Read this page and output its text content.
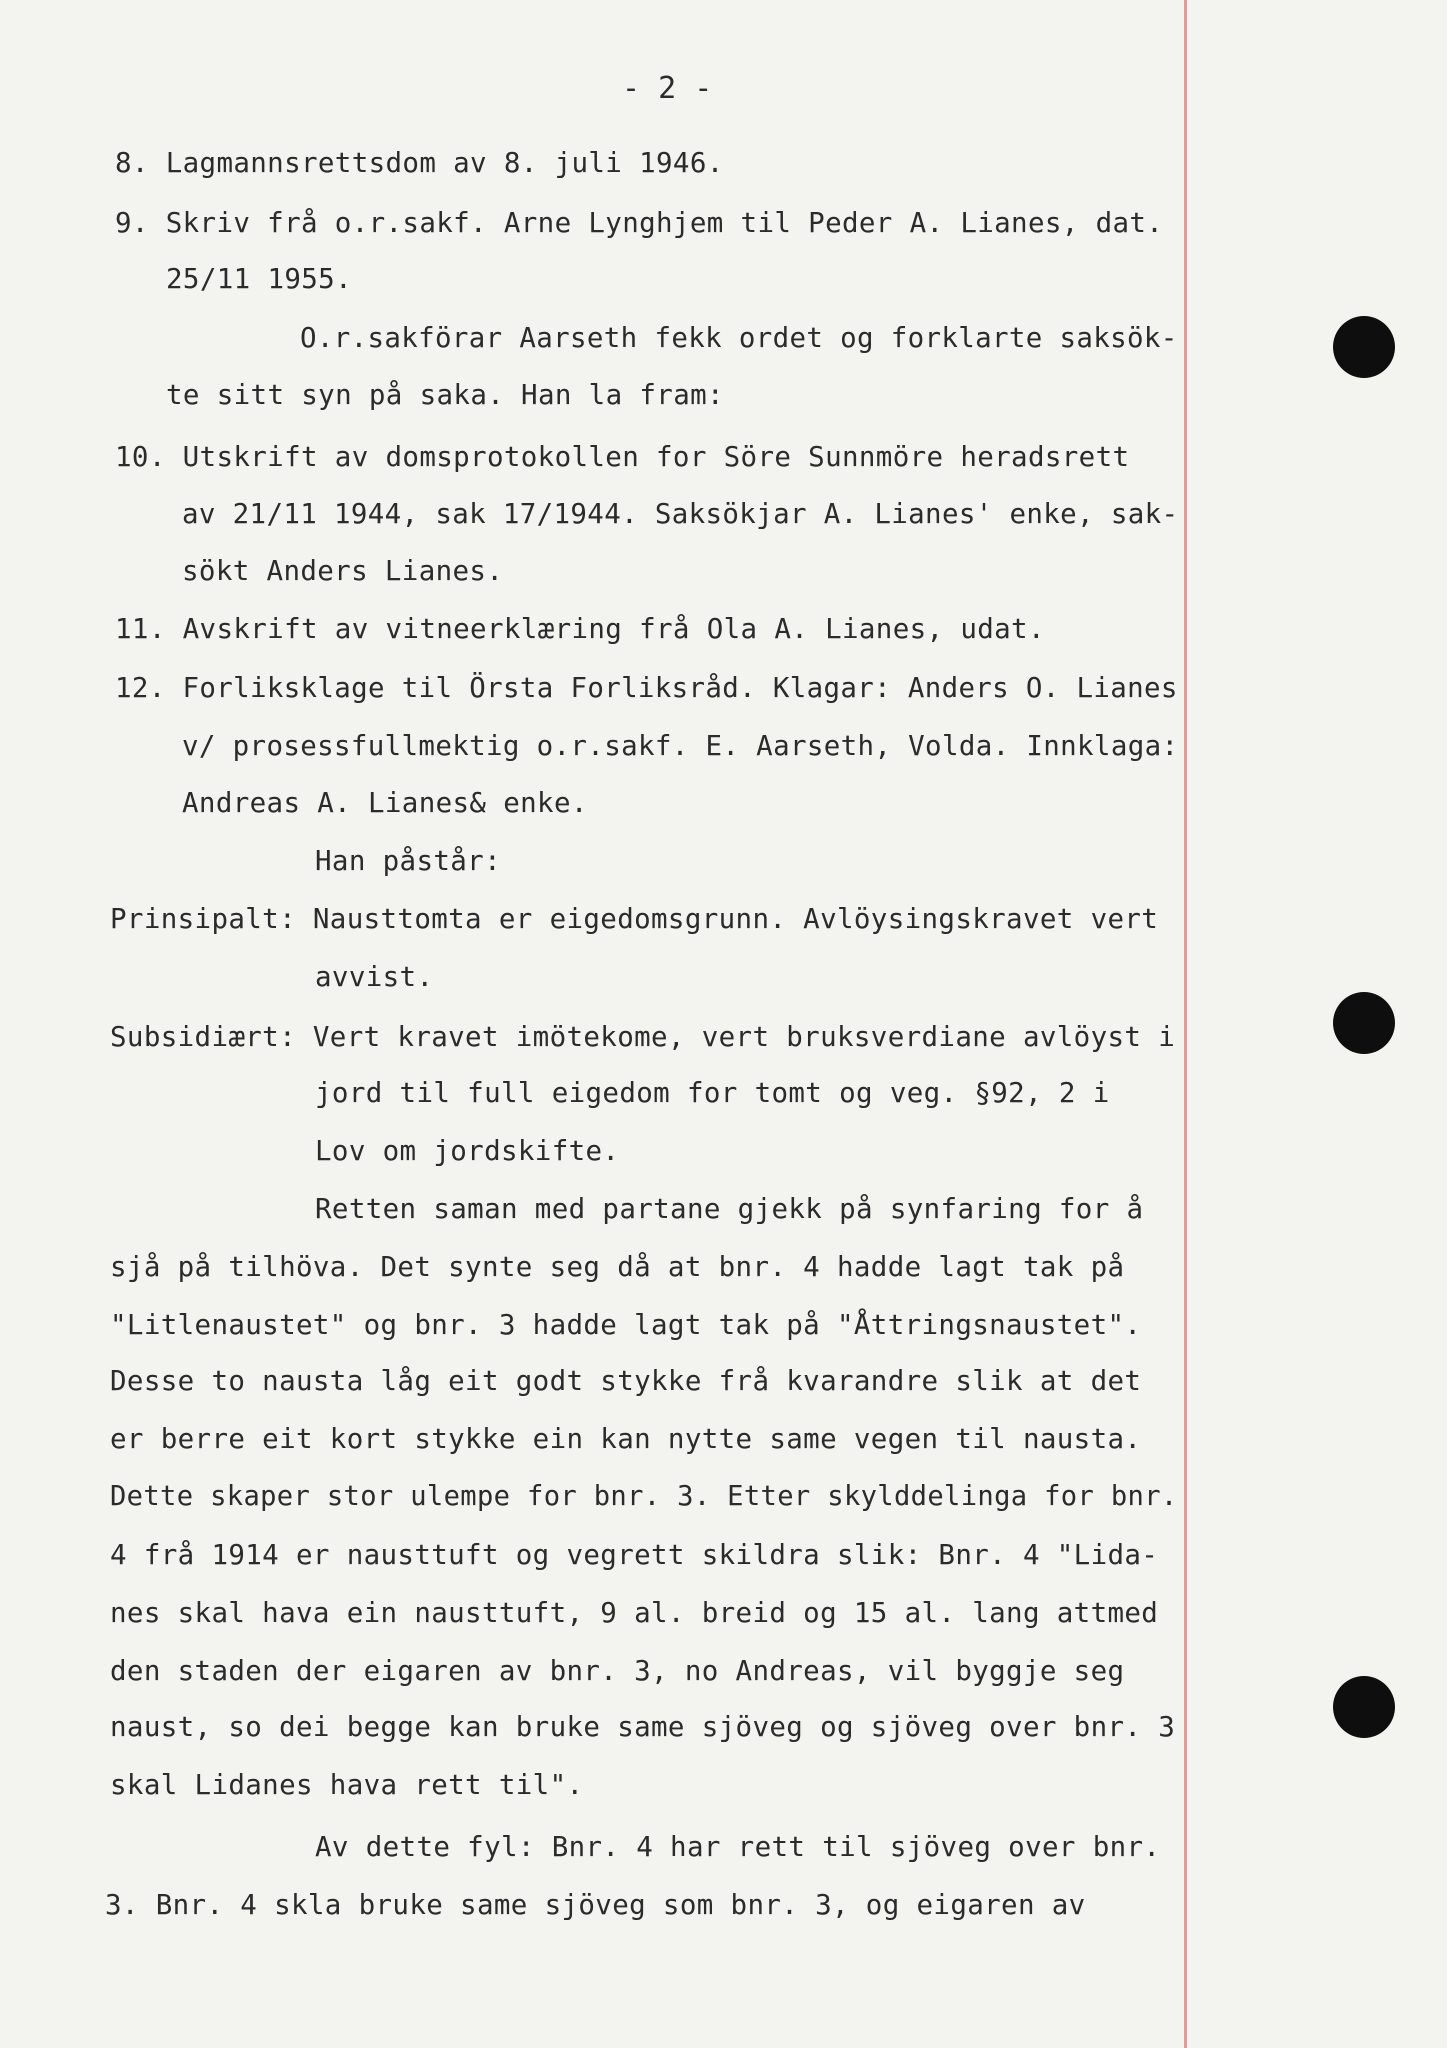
- 2 -
8. Lagmannsrettsdom av 8. juli 1946.
9. Skriv frå o.r.sakf. Arne Lynghjem til Peder A. Lianes, dat.
25/11 1955.
O.r.sakförar Aarseth fekk ordet og forklarte saksök-
te sitt syn på saka. Han la fram:
10. Utskrift av domsprotokollen for Söre Sunnmöre heradsrett
av 21/11 1944, sak 17/1944. Saksökjar A. Lianes' enke, sak-
sökt Anders Lianes.
11. Avskrift av vitneerklæring frå Ola A. Lianes, udat.
12. Forliksklage til Örsta Forliksråd. Klagar: Anders O. Lianes
v/ prosessfullmektig o.r.sakf. E. Aarseth, Volda. Innklaga:
Andreas A. Lianes& enke.
Han påstår:
Prinsipalt: Nausttomta er eigedomsgrunn. Avlöysingskravet vert
avvist.
Subsidiært: Vert kravet imötekome, vert bruksverdiane avlöyst i
jord til full eigedom for tomt og veg. §92, 2 i
Lov om jordskifte.
Retten saman med partane gjekk på synfaring for å
sjå på tilhöva. Det synte seg då at bnr. 4 hadde lagt tak på
"Litlenaustet" og bnr. 3 hadde lagt tak på "Åttringsnaustet".
Desse to nausta låg eit godt stykke frå kvarandre slik at det
er berre eit kort stykke ein kan nytte same vegen til nausta.
Dette skaper stor ulempe for bnr. 3. Etter skylddelinga for bnr.
4 frå 1914 er nausttuft og vegrett skildra slik: Bnr. 4 "Lida-
nes skal hava ein nausttuft, 9 al. breid og 15 al. lang attmed
den staden der eigaren av bnr. 3, no Andreas, vil byggje seg
naust, so dei begge kan bruke same sjöveg og sjöveg over bnr. 3
skal Lidanes hava rett til".
Av dette fyl: Bnr. 4 har rett til sjöveg over bnr.
3. Bnr. 4 skla bruke same sjöveg som bnr. 3, og eigaren av
